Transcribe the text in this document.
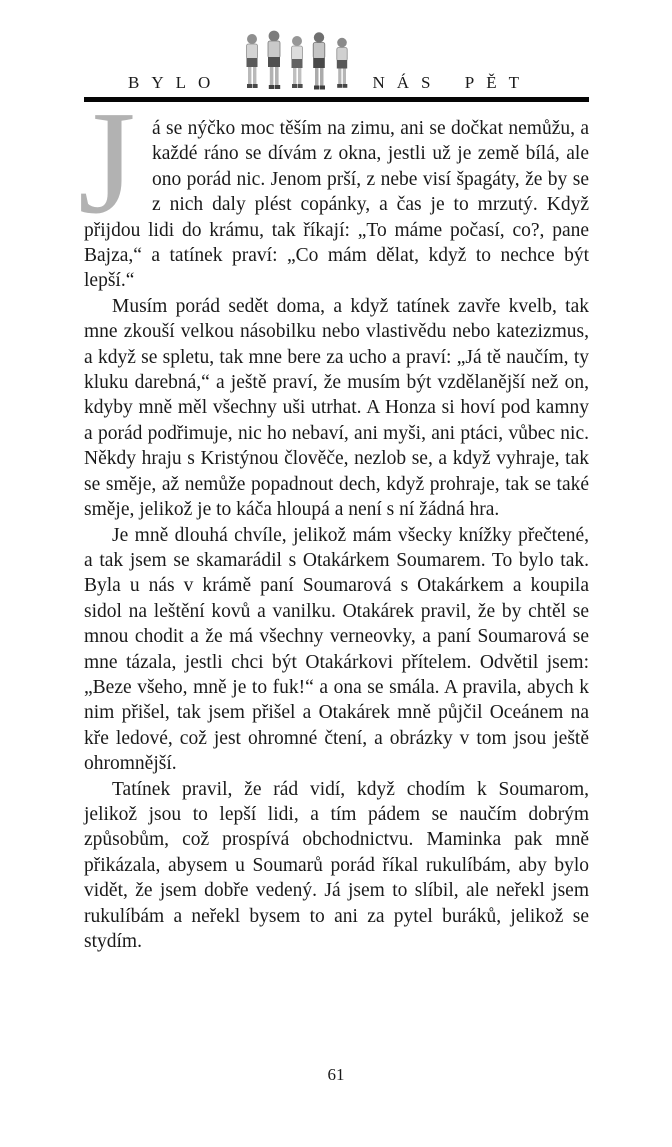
BYLO	NÁS PĚT

J á se nýčko moc těším na zimu, ani se dočkat nemůžu, a každé ráno se dívám z okna, jestli už je země bílá, ale ono porád nic. Jenom prší, z nebe visí špagáty, že by se z nich daly plést copánky, a čas je to mrzutý. Když přijdou lidi do krámu, tak říkají: „To máme počasí, co?, pane Bajza,“ a tatínek praví: „Co mám dělat, když to nechce být lepší.“

Musím porád sedět doma, a když tatínek zavře kvelb, tak mne zkouší velkou násobilku nebo vlastivědu nebo katezizmus, a když se spletu, tak mne bere za ucho a praví: „Já tě naučím, ty kluku darebná,“ a ještě praví, že musím být vzdělanější než on, kdyby mně měl všechny uši utrhat. A Honza si hoví pod kamny a porád podřimuje, nic ho nebaví, ani myši, ani ptáci, vůbec nic. Někdy hraju s Kristýnou člověče, nezlob se, a když vyhraje, tak se směje, až nemůže popadnout dech, když prohraje, tak se také směje, jelikož je to káča hloupá a není s ní žádná hra.

Je mně dlouhá chvíle, jelikož mám všecky knížky přečtené, a tak jsem se skamarádil s Otakárkem Soumarem. To bylo tak. Byla u nás v krámě paní Soumarová s Otakárkem a koupila sidol na leštění kovů a vanilku. Otakárek pravil, že by chtěl se mnou chodit a že má všechny verneovky, a paní Soumarová se mne tázala, jestli chci být Otakárkovi přítelem. Odvětil jsem: „Beze všeho, mně je to fuk!“ a ona se smála. A pravila, abych k nim přišel, tak jsem přišel a Otakárek mně půjčil Oceánem na kře ledové, což jest ohromné čtení, a obrázky v tom jsou ještě ohromnější.

Tatínek pravil, že rád vidí, když chodím k Soumarom, jelikož jsou to lepší lidi, a tím pádem se naučím dobrým způsobům, což prospívá obchodnictvu. Maminka pak mně přikázala, abysem u Soumarů porád říkal rukulíbám, aby bylo vidět, že jsem dobře vedený. Já jsem to slíbil, ale neřekl jsem rukulíbám a neřekl bysem to ani za pytel buráků, jelikož se stydím.

61
